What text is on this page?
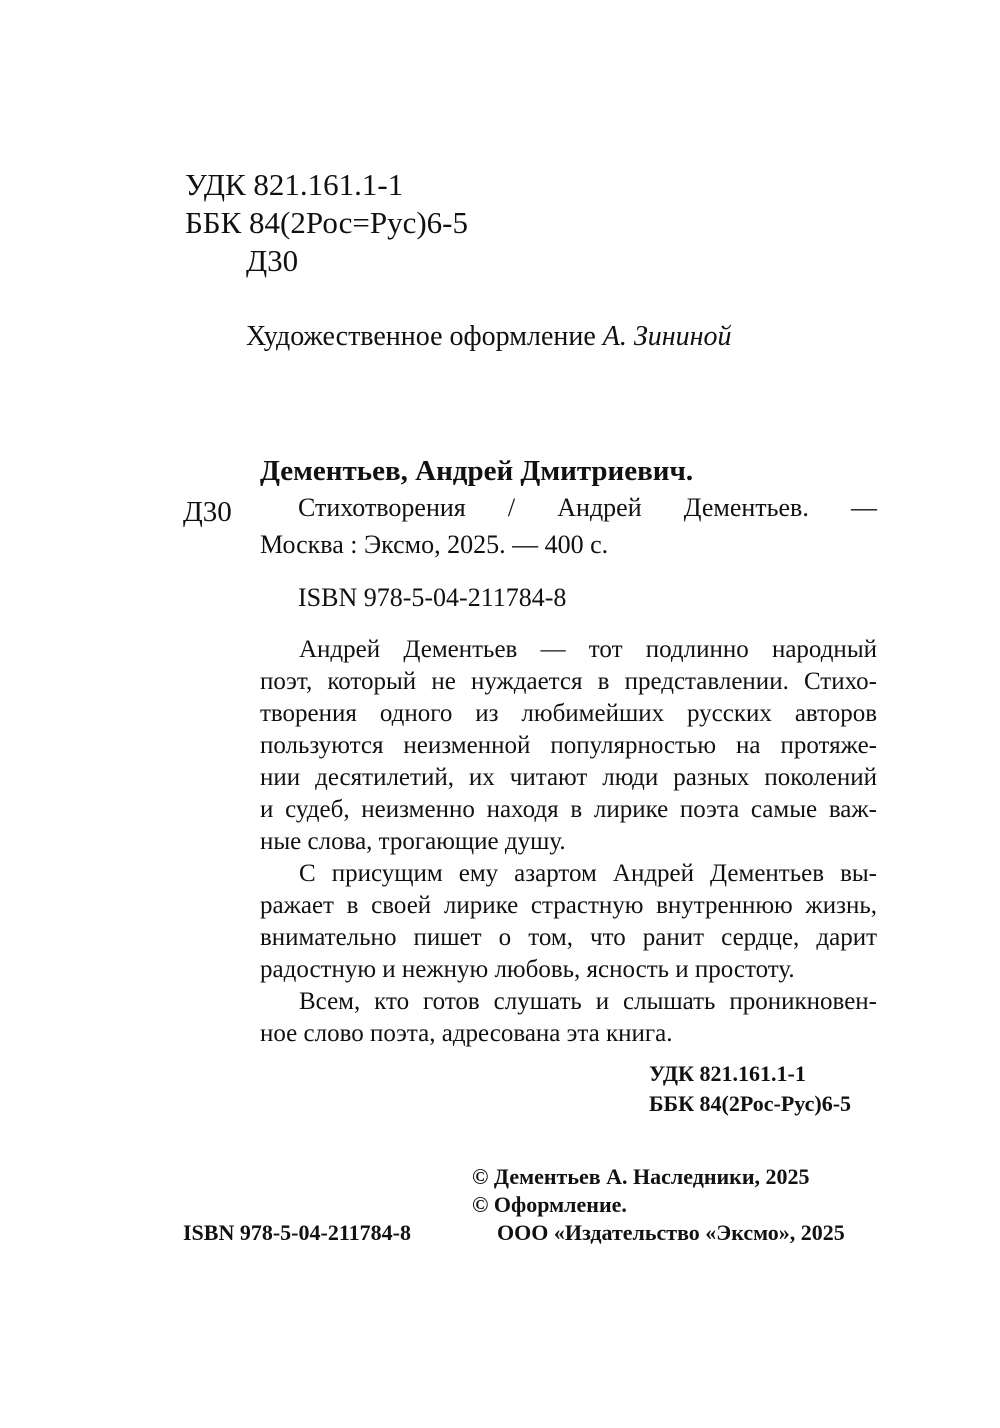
УДК 821.161.1-1
ББК 84(2Рос=Рус)6-5
Д30
Художественное оформление А. Зининой
Дементьев, Андрей Дмитриевич.
Д30	Стихотворения / Андрей Дементьев. —
Москва : Эксмо, 2025. — 400 с.
ISBN 978-5-04-211784-8
Андрей Дементьев — тот подлинно народный
поэт, который не нуждается в представлении. Стихо-
творения одного из любимейших русских авторов
пользуются неизменной популярностью на протяже-
нии десятилетий, их читают люди разных поколений
и судеб, неизменно находя в лирике поэта самые важ-
ные слова, трогающие душу.
С присущим ему азартом Андрей Дементьев вы-
ражает в своей лирике страстную внутреннюю жизнь,
внимательно пишет о том, что ранит сердце, дарит
радостную и нежную любовь, ясность и простоту.
Всем, кто готов слушать и слышать проникновен-
ное слово поэта, адресована эта книга.
УДК 821.161.1-1
ББК 84(2Рос-Рус)6-5
© Дементьев А. Наследники, 2025
© Оформление.
ООО «Издательство «Эксмо», 2025
ISBN 978-5-04-211784-8
